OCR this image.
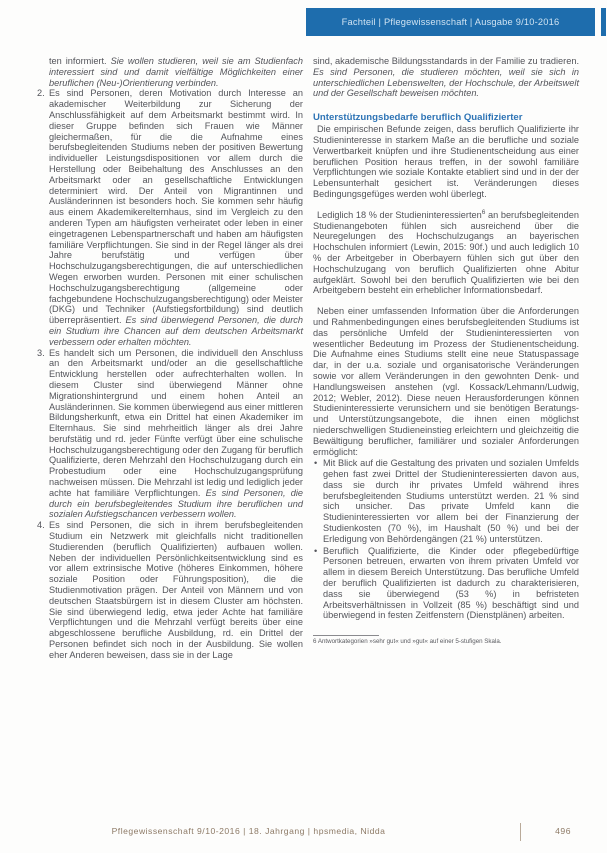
Fachteil | Pflegewissenschaft | Ausgabe 9/10-2016

ten informiert. Sie wollen studieren, weil sie am Studienfach interessiert sind und damit vielfältige Möglichkeiten einer beruflichen (Neu-)Orientierung verbinden.

2. Es sind Personen, deren Motivation durch Interesse an akademischer Weiterbildung zur Sicherung der Anschlussfähigkeit auf dem Arbeitsmarkt bestimmt wird. In dieser Gruppe befinden sich Frauen wie Männer gleichermaßen, für die die Aufnahme eines berufsbegleitenden Studiums neben der positiven Bewertung individueller Leistungsdispositionen vor allem durch die Herstellung oder Beibehaltung des Anschlusses an den Arbeitsmarkt oder an gesellschaftliche Entwicklungen determiniert wird. Der Anteil von Migrantinnen und Ausländerinnen ist besonders hoch. Sie kommen sehr häufig aus einem Akademikerelternhaus, sind im Vergleich zu den anderen Typen am häufigsten verheiratet oder leben in einer eingetragenen Lebenspartnerschaft und haben am häufigsten familiäre Verpflichtungen. Sie sind in der Regel länger als drei Jahre berufstätig und verfügen über Hochschulzugangsberechtigungen, die auf unterschiedlichen Wegen erworben wurden. Personen mit einer schulischen Hochschulzugangsberechtigung (allgemeine oder fachgebundene Hochschulzugangsberechtigung) oder Meister (DKG) und Techniker (Aufstiegsfortbildung) sind deutlich überrepräsentiert. Es sind überwiegend Personen, die durch ein Studium ihre Chancen auf dem deutschen Arbeitsmarkt verbessern oder erhalten möchten.
3. Es handelt sich um Personen, die individuell den Anschluss an den Arbeitsmarkt und/oder an die gesellschaftliche Entwicklung herstellen oder aufrechterhalten wollen. In diesem Cluster sind überwiegend Männer ohne Migrationshintergrund und einem hohen Anteil an Ausländerinnen. Sie kommen überwiegend aus einer mittleren Bildungsherkunft, etwa ein Drittel hat einen Akademiker im Elternhaus. Sie sind mehrheitlich länger als drei Jahre berufstätig und rd. jeder Fünfte verfügt über eine schulische Hochschulzugangsberechtigung oder den Zugang für beruflich Qualifizierte, deren Mehrzahl den Hochschulzugang durch ein Probestudium oder eine Hochschulzugangsprüfung nachweisen müssen. Die Mehrzahl ist ledig und lediglich jeder achte hat familiäre Verpflichtungen. Es sind Personen, die durch ein berufsbegleitendes Studium ihre beruflichen und sozialen Aufstiegschancen verbessern wollen.
4. Es sind Personen, die sich in ihrem berufsbegleitenden Studium ein Netzwerk mit gleichfalls nicht traditionellen Studierenden (beruflich Qualifizierten) aufbauen wollen. Neben der individuellen Persönlichkeitsentwicklung sind es vor allem extrinsische Motive (höheres Einkommen, höhere soziale Position oder Führungsposition), die die Studienmotivation prägen. Der Anteil von Männern und von deutschen Staatsbürgern ist in diesem Cluster am höchsten. Sie sind überwiegend ledig, etwa jeder Achte hat familiäre Verpflichtungen und die Mehrzahl verfügt bereits über eine abgeschlossene berufliche Ausbildung, rd. ein Drittel der Personen befindet sich noch in der Ausbildung. Sie wollen eher Anderen beweisen, dass sie in der Lage

sind, akademische Bildungsstandards in der Familie zu tradieren. Es sind Personen, die studieren möchten, weil sie sich in unterschiedlichen Lebenswelten, der Hochschule, der Arbeitswelt und der Gesellschaft beweisen möchten.

Unterstützungsbedarfe beruflich Qualifizierter

Die empirischen Befunde zeigen, dass beruflich Qualifizierte ihr Studieninteresse in starkem Maße an die berufliche und soziale Verwertbarkeit knüpfen und ihre Studienentscheidung aus einer beruflichen Position heraus treffen, in der sowohl familiäre Verpflichtungen wie soziale Kontakte etabliert sind und in der der Lebensunterhalt gesichert ist. Veränderungen dieses Bedingungsgefüges werden wohl überlegt.

Lediglich 18 % der Studieninteressierten$^6$ an berufsbegleitenden Studienangeboten fühlen sich ausreichend über die Neuregelungen des Hochschulzugangs an bayerischen Hochschulen informiert (Lewin, 2015: 90f.) und auch lediglich 10 % der Arbeitgeber in Oberbayern fühlen sich gut über den Hochschulzugang von beruflich Qualifizierten ohne Abitur aufgeklärt. Sowohl bei den beruflich Qualifizierten wie bei den Arbeitgebern besteht ein erheblicher Informationsbedarf.

Neben einer umfassenden Information über die Anforderungen und Rahmenbedingungen eines berufsbegleitenden Studiums ist das persönliche Umfeld der Studieninteressierten von wesentlicher Bedeutung im Prozess der Studienentscheidung. Die Aufnahme eines Studiums stellt eine neue Statuspassage dar, in der u.a. soziale und organisatorische Veränderungen sowie vor allem Veränderungen in den gewohnten Denk- und Handlungsweisen anstehen (vgl. Kossack/Lehmann/Ludwig, 2012; Webler, 2012). Diese neuen Herausforderungen können Studieninteressierte verunsichern und sie benötigen Beratungs- und Unterstützungsangebote, die ihnen einen möglichst niederschwelligen Studieneinstieg erleichtern und gleichzeitig die Bewältigung beruflicher, familiärer und sozialer Anforderungen ermöglicht:

• Mit Blick auf die Gestaltung des privaten und sozialen Umfelds gehen fast zwei Drittel der Studieninteressierten davon aus, dass sie durch ihr privates Umfeld während ihres berufsbegleitenden Studiums unterstützt werden. 21 % sind sich unsicher. Das private Umfeld kann die Studieninteressierten vor allem bei der Finanzierung der Studienkosten (70 %), im Haushalt (50 %) und bei der Erledigung von Behördengängen (21 %) unterstützen.
• Beruflich Qualifizierte, die Kinder oder pflegebedürftige Personen betreuen, erwarten von ihrem privaten Umfeld vor allem in diesem Bereich Unterstützung. Das berufliche Umfeld der beruflich Qualifizierten ist dadurch zu charakterisieren, dass sie überwiegend (53 %) in befristeten Arbeitsverhältnissen in Vollzeit (85 %) beschäftigt sind und überwiegend in festen Zeitfenstern (Dienstplänen) arbeiten.

6 Antwortkategorien »sehr gut« und »gut« auf einer 5-stufigen Skala.

Pflegewissenschaft 9/10-2016 | 18. Jahrgang | hpsmedia, Nidda	496
